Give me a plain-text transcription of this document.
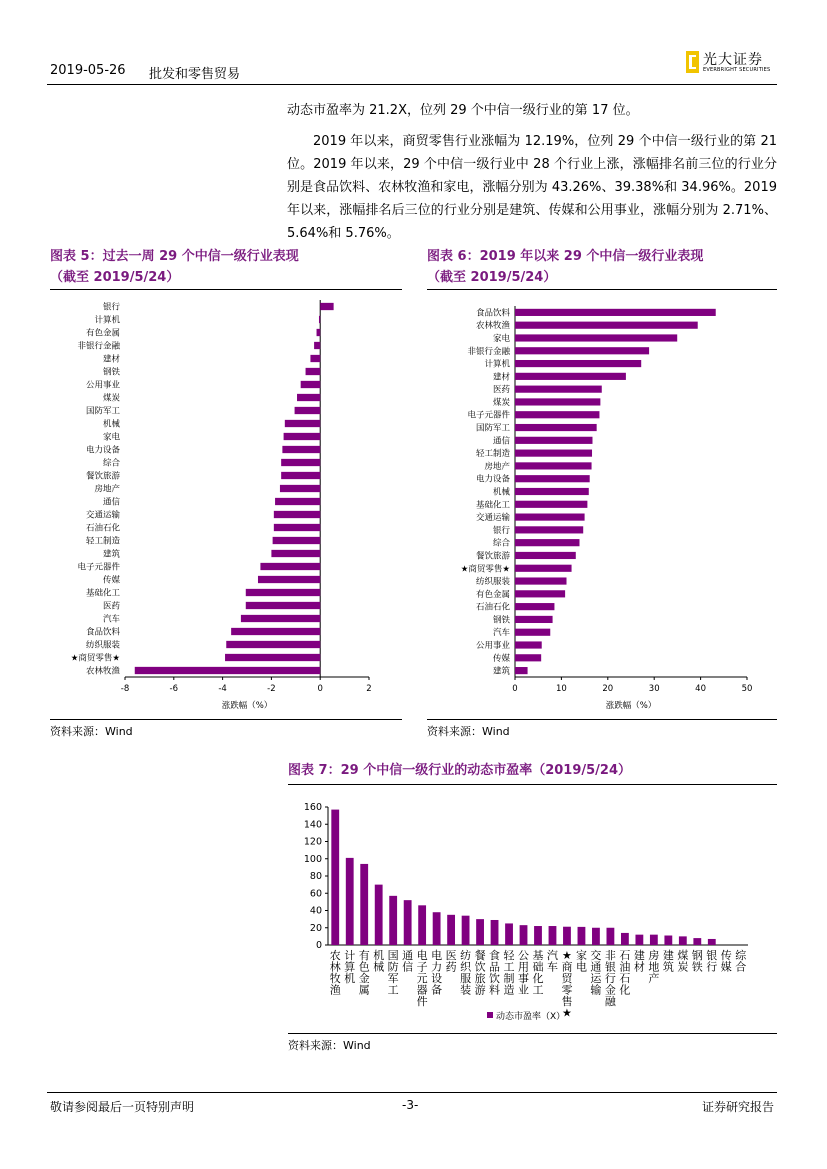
2019-05-26 批发和零售贸易
光大证券
EVERBRIGHT SECURITIES
动态市盈率为 21.2X，位列 29 个中信一级行业的第 17 位。
2019 年以来，商贸零售行业涨幅为 12.19%，位列 29 个中信一级行业的第 21 位。2019 年以来，29 个中信一级行业中 28 个行业上涨，涨幅排名前三位的行业分别是食品饮料、农林牧渔和家电，涨幅分别为 43.26%、39.38%和 34.96%。2019 年以来，涨幅排名后三位的行业分别是建筑、传媒和公用事业，涨幅分别为 2.71%、5.64%和 5.76%。
图表 5：过去一周 29 个中信一级行业表现
（截至 2019/5/24）
银行
计算机
有色金属
非银行金融
建材
钢铁
公用事业
煤炭
国防军工
机械
家电
电力设备
综合
餐饮旅游
房地产
通信
交通运输
石油石化
轻工制造
建筑
电子元器件
传媒
基础化工
医药
汽车
食品饮料
纺织服装
★商贸零售★
农林牧渔
-8	-6	-4	-2	0	2
涨跌幅（%）
资料来源：Wind
图表 6：2019 年以来 29 个中信一级行业表现
（截至 2019/5/24）
食品饮料
农林牧渔
家电
非银行金融
计算机
建材
医药
煤炭
电子元器件
国防军工
通信
轻工制造
房地产
电力设备
机械
基础化工
交通运输
银行
综合
餐饮旅游
★商贸零售★
纺织服装
有色金属
石油石化
钢铁
汽车
公用事业
传媒
建筑
0	10	20	30	40	50
涨跌幅（%）
资料来源：Wind
图表 7：29 个中信一级行业的动态市盈率（2019/5/24）
0
20
40
60
80
100
120
140
160
农林牧渔
计算机
有色金属
机械
国防军工
通信
电子元器件
电力设备
医药
纺织服装
餐饮旅游
食品饮料
轻工制造
公用事业
基础化工
汽车
★商贸零售★
家电
交通运输
非银行金融
石油石化
建材
房地产
建筑
煤炭
钢铁
银行
传媒
综合
动态市盈率（X）
资料来源：Wind
敬请参阅最后一页特别声明	-3-	证券研究报告
